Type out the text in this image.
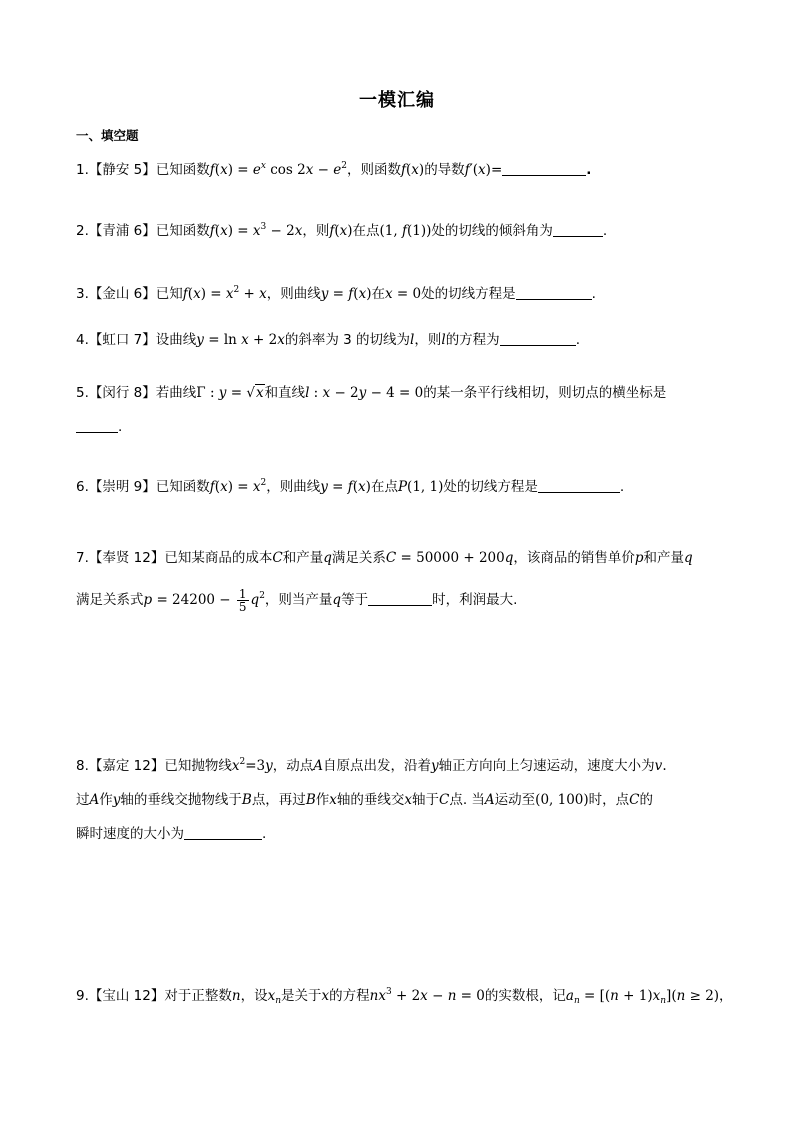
一模汇编
一、填空题
1.【静安 5】已知函数$f(x) = e^x$ $\cos 2x - e^2$，则函数f(x)的导数f′(x)=	.
2.【青浦 6】已知函数$f(x) = x^3 - 2x$，则f(x)在点(1, f(1))处的切线的倾斜角为	.
3.【金山 6】已知$f(x) = x^2 + x$，则曲线y = f(x)在x = 0处的切线方程是	.
4.【虹口 7】设曲线y = ln x + 2x的斜率为 3 的切线为l，则l的方程为	.
5.【闵行 8】若曲线Γ : y = √x和直线l : x − 2y − 4 = 0的某一条平行线相切，则切点的横坐标是
.
6.【崇明 9】已知函数$f(x) = x^2$，则曲线y = f(x)在点P(1, 1)处的切线方程是	.
7.【奉贤 12】已知某商品的成本C和产量q满足关系C = 50000 + 200q，该商品的销售单价p和产量q
满足关系式$p = 24200 - \frac{1}{5} q^2$，则当产量q等于	时，利润最大.
8.【嘉定 12】已知抛物线$x^2=3y$，动点A自原点出发，沿着y轴正方向向上匀速运动，速度大小为v.
过A作y轴的垂线交抛物线于B点，再过B作x轴的垂线交x轴于C点. 当A运动至(0, 100)时，点C的
瞬时速度的大小为	.
9.【宝山 12】对于正整数n，设$x_n$是关于x的方程$nx^3 + 2x - n = 0$的实数根，记$a_n = [(n + 1)x_n](n \ge 2)$，
